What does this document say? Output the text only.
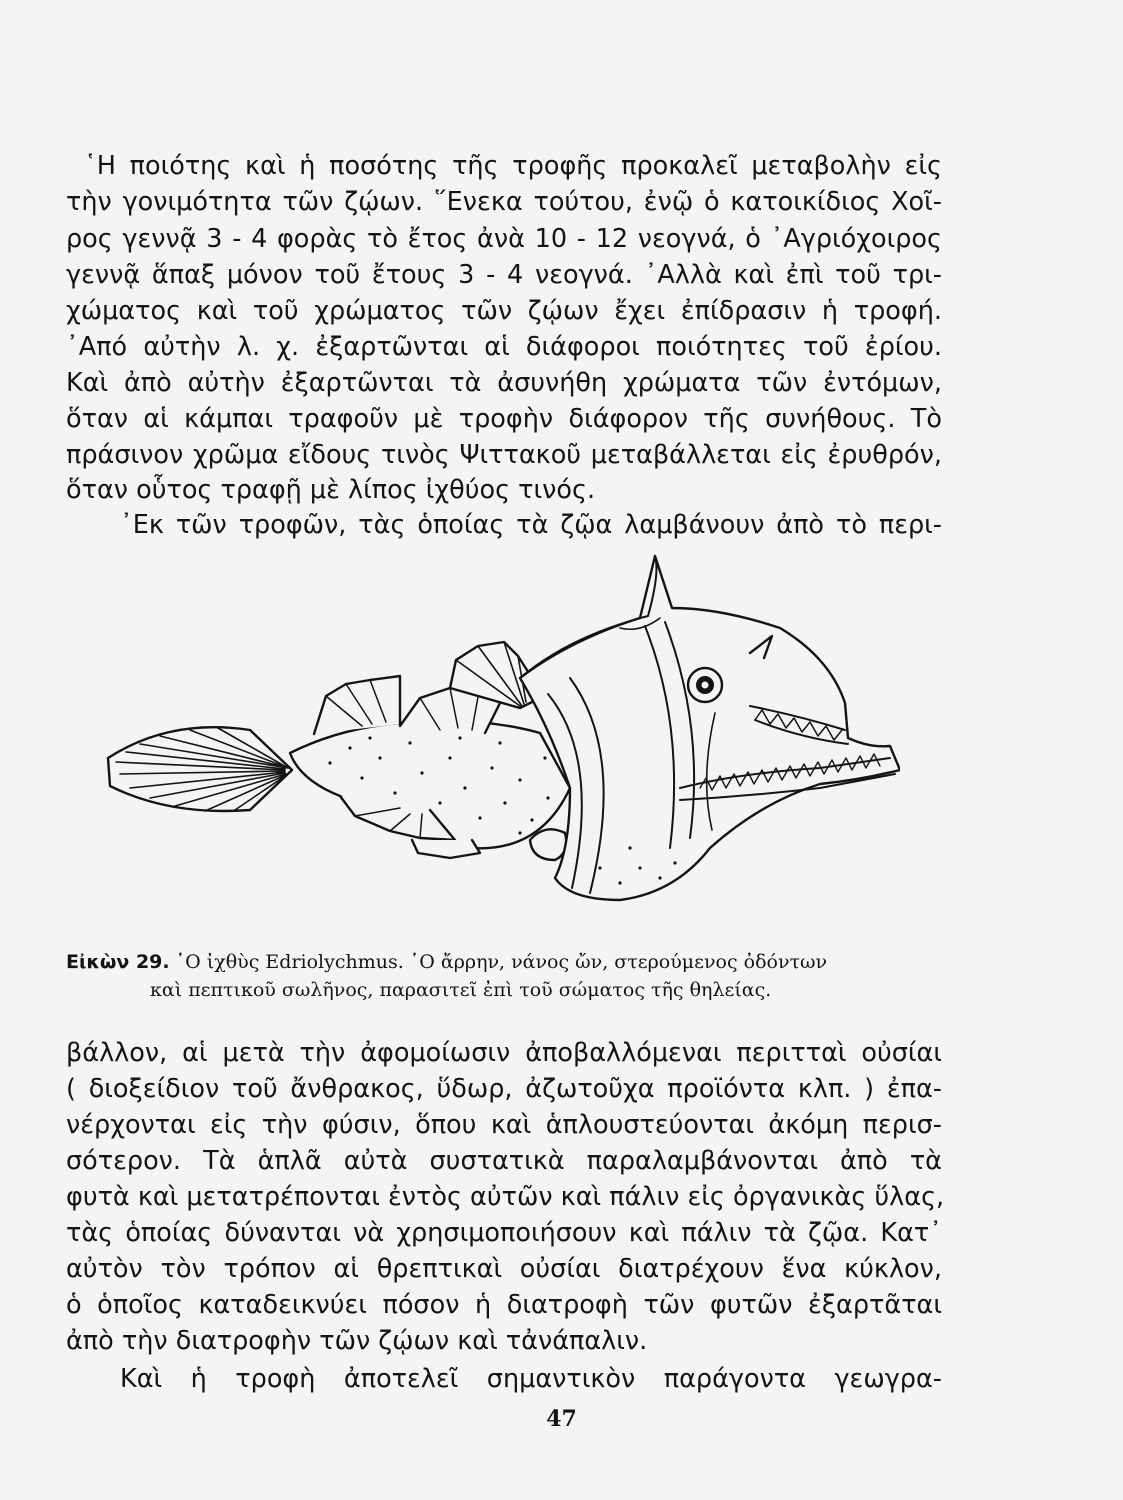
῾Η ποιότης καὶ ἡ ποσότης τῆς τροφῆς προκαλεῖ μεταβολὴν εἰς
τὴν γονιμότητα τῶν ζῴων. ῞Ενεκα τούτου, ἐνῷ ὁ κατοικίδιος Χοῖ-
ρος γεννᾷ 3 - 4 φορὰς τὸ ἔτος ἀνὰ 10 - 12 νεογνά, ὁ ᾿Αγριόχοιρος
γεννᾷ ἅπαξ μόνον τοῦ ἔτους 3 - 4 νεογνά. ᾿Αλλὰ καὶ ἐπὶ τοῦ τρι-
χώματος καὶ τοῦ χρώματος τῶν ζῴων ἔχει ἐπίδρασιν ἡ τροφή.
᾿Από αὐτὴν λ. χ. ἐξαρτῶνται αἱ διάφοροι ποιότητες τοῦ ἐρίου.
Καὶ ἀπὸ αὐτὴν ἐξαρτῶνται τὰ ἀσυνήθη χρώματα τῶν ἐντόμων,
ὅταν αἱ κάμπαι τραφοῦν μὲ τροφὴν διάφορον τῆς συνήθους. Τὸ
πράσινον χρῶμα εἴδους τινὸς Ψιττακοῦ μεταβάλλεται εἰς ἐρυθρόν,
ὅταν οὗτος τραφῇ μὲ λίπος ἰχθύος τινός.
᾿Εκ τῶν τροφῶν, τὰς ὁποίας τὰ ζῷα λαμβάνουν ἀπὸ τὸ περι-
Εἰκὼν 29. ῾Ο ἰχθὺς Edriolychmus. ῾Ο ἄρρην, νάνος ὤν, στερούμενος ὀδόντων
καὶ πεπτικοῦ σωλῆνος, παρασιτεῖ ἐπὶ τοῦ σώματος τῆς θηλείας.
βάλλον, αἱ μετὰ τὴν ἀφομοίωσιν ἀποβαλλόμεναι περιτταὶ οὐσίαι
( διοξείδιον τοῦ ἄνθρακος, ὕδωρ, ἀζωτοῦχα προϊόντα κλπ. ) ἐπα-
νέρχονται εἰς τὴν φύσιν, ὅπου καὶ ἁπλουστεύονται ἀκόμη περισ-
σότερον. Τὰ ἁπλᾶ αὐτὰ συστατικὰ παραλαμβάνονται ἀπὸ τὰ
φυτὰ καὶ μετατρέπονται ἐντὸς αὐτῶν καὶ πάλιν εἰς ὀργανικὰς ὕλας,
τὰς ὁποίας δύνανται νὰ χρησιμοποιήσουν καὶ πάλιν τὰ ζῷα. Κατ᾿
αὐτὸν τὸν τρόπον αἱ θρεπτικαὶ οὐσίαι διατρέχουν ἕνα κύκλον,
ὁ ὁποῖος καταδεικνύει πόσον ἡ διατροφὴ τῶν φυτῶν ἐξαρτᾶται
ἀπὸ τὴν διατροφὴν τῶν ζῴων καὶ τἀνάπαλιν.
Καὶ ἡ τροφὴ ἀποτελεῖ σημαντικὸν παράγοντα γεωγρα-
47
